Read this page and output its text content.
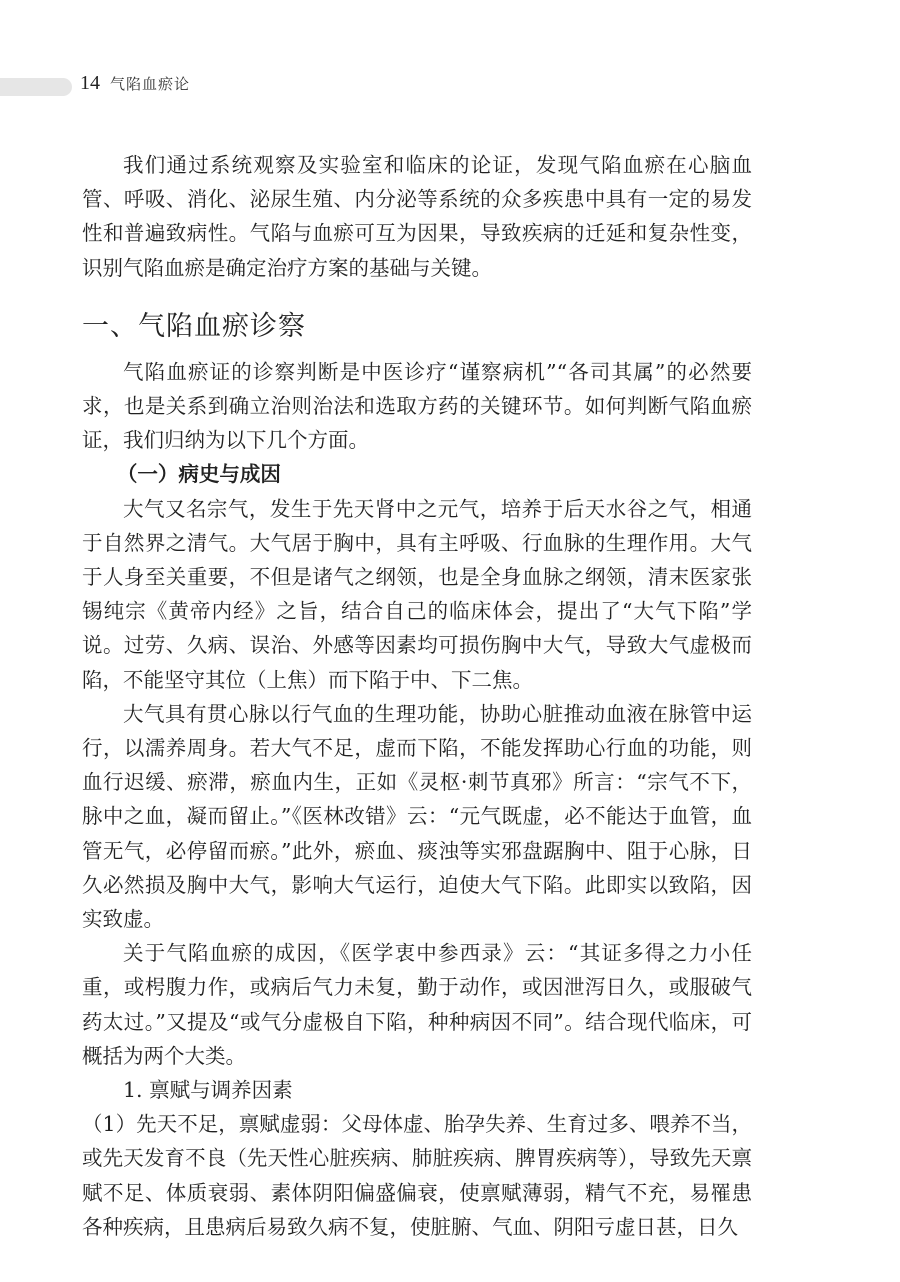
14 气陷血瘀论

我们通过系统观察及实验室和临床的论证，发现气陷血瘀在心脑血管、呼吸、消化、泌尿生殖、内分泌等系统的众多疾患中具有一定的易发性和普遍致病性。气陷与血瘀可互为因果，导致疾病的迁延和复杂性变，识别气陷血瘀是确定治疗方案的基础与关键。

一、气陷血瘀诊察

气陷血瘀证的诊察判断是中医诊疗“谨察病机”“各司其属”的必然要求，也是关系到确立治则治法和选取方药的关键环节。如何判断气陷血瘀证，我们归纳为以下几个方面。

（一）病史与成因

大气又名宗气，发生于先天肾中之元气，培养于后天水谷之气，相通于自然界之清气。大气居于胸中，具有主呼吸、行血脉的生理作用。大气于人身至关重要，不但是诸气之纲领，也是全身血脉之纲领，清末医家张锡纯宗《黄帝内经》之旨，结合自己的临床体会，提出了“大气下陷”学说。过劳、久病、误治、外感等因素均可损伤胸中大气，导致大气虚极而陷，不能坚守其位（上焦）而下陷于中、下二焦。

大气具有贯心脉以行气血的生理功能，协助心脏推动血液在脉管中运行，以濡养周身。若大气不足，虚而下陷，不能发挥助心行血的功能，则血行迟缓、瘀滞，瘀血内生，正如《灵枢·刺节真邪》所言：“宗气不下，脉中之血，凝而留止。”《医林改错》云：“元气既虚，必不能达于血管，血管无气，必停留而瘀。”此外，瘀血、痰浊等实邪盘踞胸中、阻于心脉，日久必然损及胸中大气，影响大气运行，迫使大气下陷。此即实以致陷，因实致虚。

关于气陷血瘀的成因，《医学衷中参西录》云：“其证多得之力小任重，或枵腹力作，或病后气力未复，勤于动作，或因泄泻日久，或服破气药太过。”又提及“或气分虚极自下陷，种种病因不同”。结合现代临床，可概括为两个大类。

1. 禀赋与调养因素

（1）先天不足，禀赋虚弱：父母体虚、胎孕失养、生育过多、喂养不当，或先天发育不良（先天性心脏疾病、肺脏疾病、脾胃疾病等），导致先天禀赋不足、体质衰弱、素体阴阳偏盛偏衰，使禀赋薄弱，精气不充，易罹患各种疾病，且患病后易致久病不复，使脏腑、气血、阴阳亏虚日甚，日久
